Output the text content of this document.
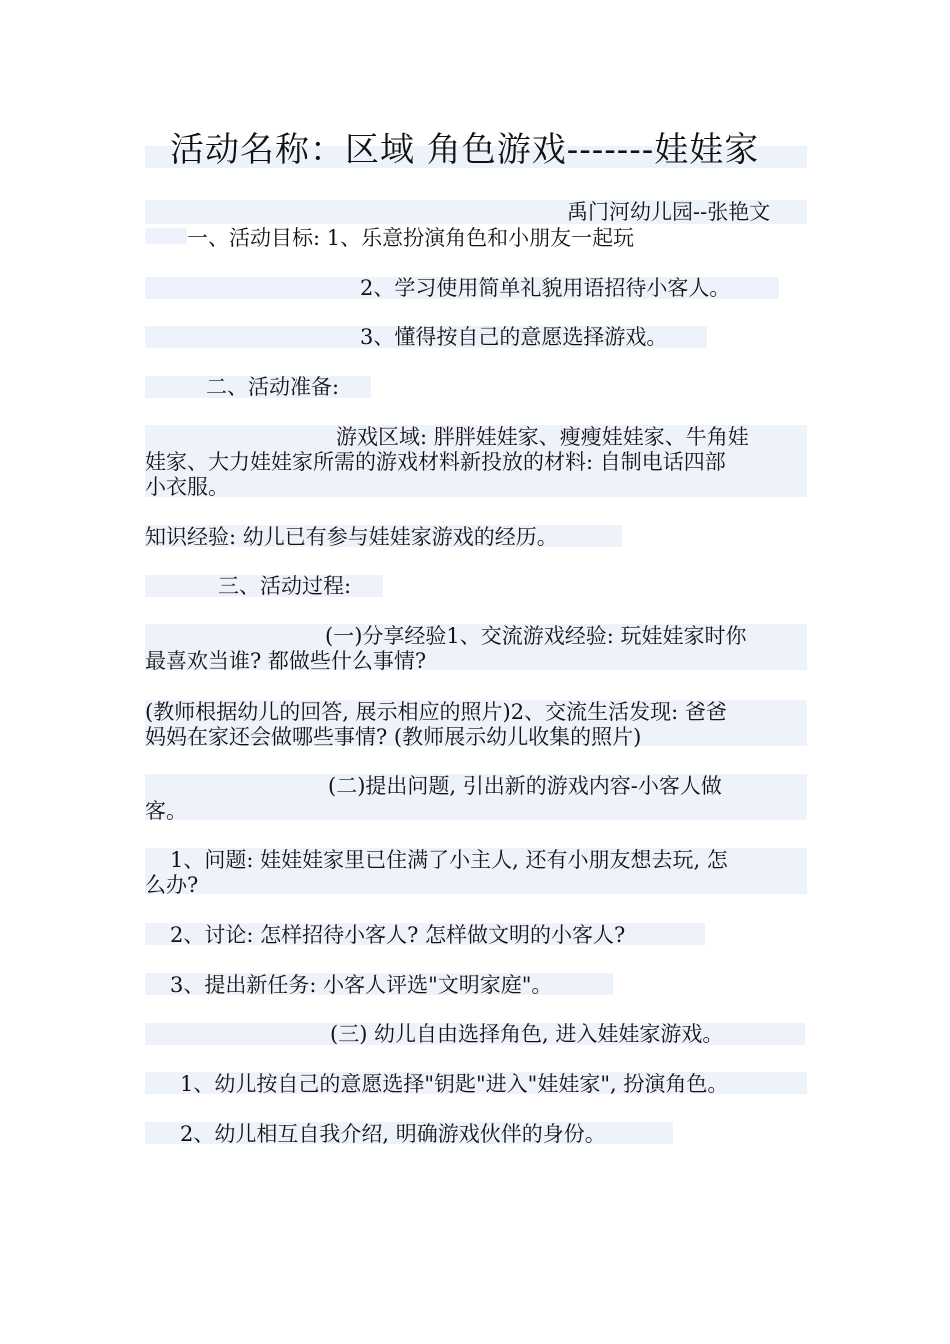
活动名称：区域 角色游戏-------娃娃家
禹门河幼儿园--张艳文
一、活动目标: 1、乐意扮演角色和小朋友一起玩
2、学习使用简单礼貌用语招待小客人。
3、懂得按自己的意愿选择游戏。
二、活动准备:
游戏区域: 胖胖娃娃家、瘦瘦娃娃家、牛角娃
娃家、大力娃娃家所需的游戏材料新投放的材料: 自制电话四部
小衣服。
知识经验: 幼儿已有参与娃娃家游戏的经历。
三、活动过程:
(一)分享经验1、交流游戏经验: 玩娃娃家时你
最喜欢当谁? 都做些什么事情?
(教师根据幼儿的回答, 展示相应的照片)2、交流生活发现: 爸爸
妈妈在家还会做哪些事情? (教师展示幼儿收集的照片)
(二)提出问题, 引出新的游戏内容-小客人做
客。
1、问题: 娃娃娃家里已住满了小主人, 还有小朋友想去玩, 怎
么办?
2、讨论: 怎样招待小客人? 怎样做文明的小客人?
3、提出新任务: 小客人评选"文明家庭"。
(三) 幼儿自由选择角色, 进入娃娃家游戏。
1、幼儿按自己的意愿选择"钥匙"进入"娃娃家", 扮演角色。
2、幼儿相互自我介绍, 明确游戏伙伴的身份。
